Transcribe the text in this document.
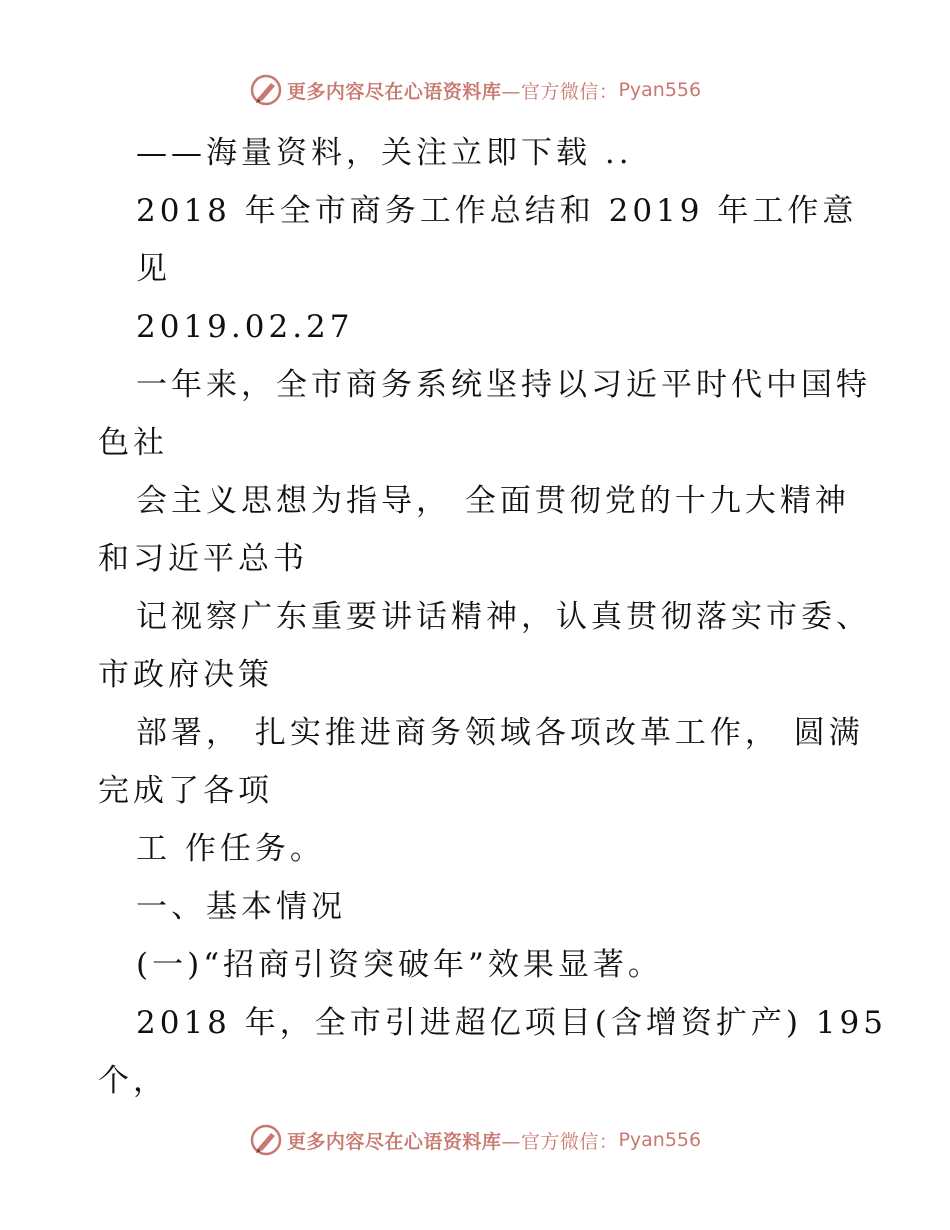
更多内容尽在心语资料库 —官方微信： Pyan556

——海量资料，关注立即下载 ..

2018 年全市商务工作总结和 2019 年工作意

见

2019.02.27

一年来，全市商务系统坚持以习近平时代中国特

色社

会主义思想为指导， 全面贯彻党的十九大精神

和习近平总书

记视察广东重要讲话精神，认真贯彻落实市委、

市政府决策

部署， 扎实推进商务领域各项改革工作， 圆满

完成了各项

工 作任务。

一、基本情况

(一)“招商引资突破年”效果显著。

2018 年，全市引进超亿项目(含增资扩产) 195

个，

更多内容尽在心语资料库 —官方微信： Pyan556
